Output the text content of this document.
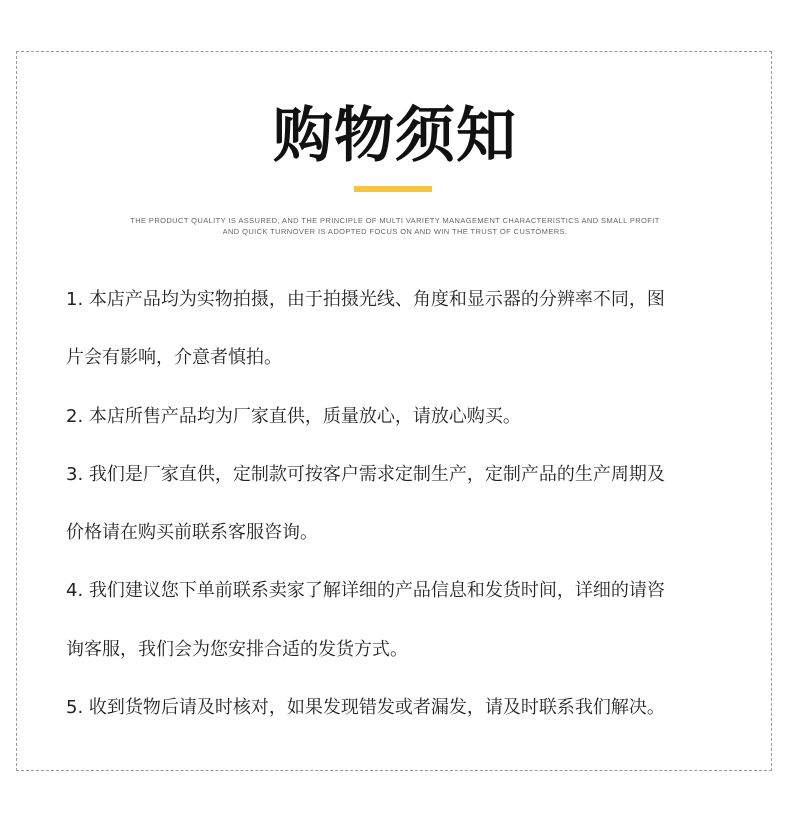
购物须知
THE PRODUCT QUALITY IS ASSURED, AND THE PRINCIPLE OF MULTI VARIETY MANAGEMENT CHARACTERISTICS AND SMALL PROFIT
AND QUICK TURNOVER IS ADOPTED FOCUS ON AND WIN THE TRUST OF CUSTOMERS.
1. 本店产品均为实物拍摄，由于拍摄光线、角度和显示器的分辨率不同，图
片会有影响，介意者慎拍。
2. 本店所售产品均为厂家直供，质量放心，请放心购买。
3. 我们是厂家直供，定制款可按客户需求定制生产，定制产品的生产周期及
价格请在购买前联系客服咨询。
4. 我们建议您下单前联系卖家了解详细的产品信息和发货时间，详细的请咨
询客服，我们会为您安排合适的发货方式。
5. 收到货物后请及时核对，如果发现错发或者漏发，请及时联系我们解决。
